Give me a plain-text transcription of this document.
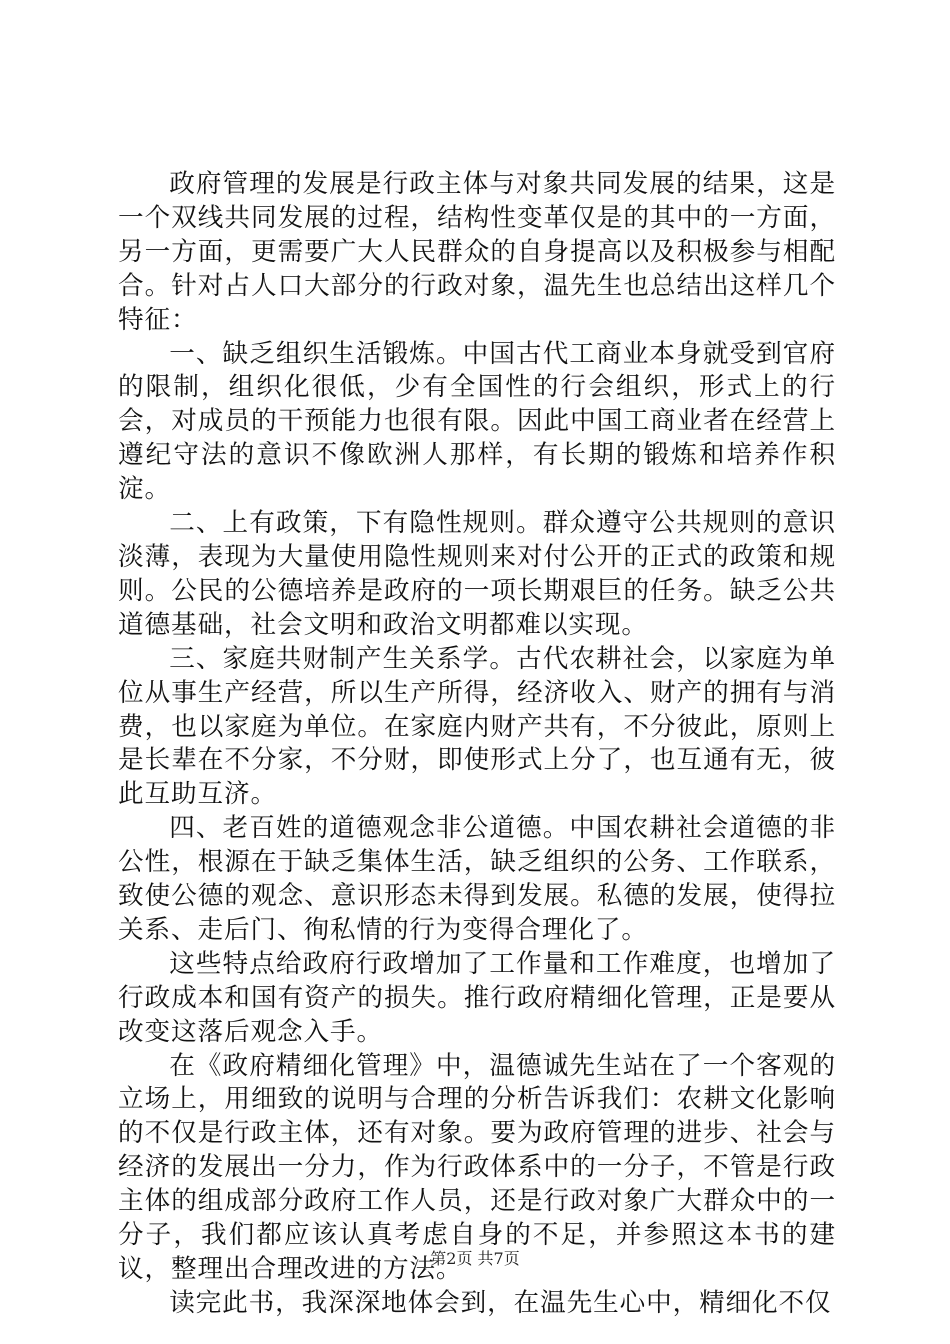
政府管理的发展是行政主体与对象共同发展的结果，这是一个双线共同发展的过程，结构性变革仅是的其中的一方面，另一方面，更需要广大人民群众的自身提高以及积极参与相配合。针对占人口大部分的行政对象，温先生也总结出这样几个特征：

一、缺乏组织生活锻炼。中国古代工商业本身就受到官府的限制，组织化很低，少有全国性的行会组织，形式上的行会，对成员的干预能力也很有限。因此中国工商业者在经营上遵纪守法的意识不像欧洲人那样，有长期的锻炼和培养作积淀。

二、上有政策，下有隐性规则。群众遵守公共规则的意识淡薄，表现为大量使用隐性规则来对付公开的正式的政策和规则。公民的公德培养是政府的一项长期艰巨的任务。缺乏公共道德基础，社会文明和政治文明都难以实现。

三、家庭共财制产生关系学。古代农耕社会，以家庭为单位从事生产经营，所以生产所得，经济收入、财产的拥有与消费，也以家庭为单位。在家庭内财产共有，不分彼此，原则上是长辈在不分家，不分财，即使形式上分了，也互通有无，彼此互助互济。

四、老百姓的道德观念非公道德。中国农耕社会道德的非公性，根源在于缺乏集体生活，缺乏组织的公务、工作联系，致使公德的观念、意识形态未得到发展。私德的发展，使得拉关系、走后门、徇私情的行为变得合理化了。

这些特点给政府行政增加了工作量和工作难度，也增加了行政成本和国有资产的损失。推行政府精细化管理，正是要从改变这落后观念入手。

在《政府精细化管理》中，温德诚先生站在了一个客观的立场上，用细致的说明与合理的分析告诉我们：农耕文化影响的不仅是行政主体，还有对象。要为政府管理的进步、社会与经济的发展出一分力，作为行政体系中的一分子，不管是行政主体的组成部分政府工作人员，还是行政对象广大群众中的一分子，我们都应该认真考虑自身的不足，并参照这本书的建议，整理出合理改进的方法。

读完此书，我深深地体会到，在温先生心中，精细化不仅

第2页 共7页
